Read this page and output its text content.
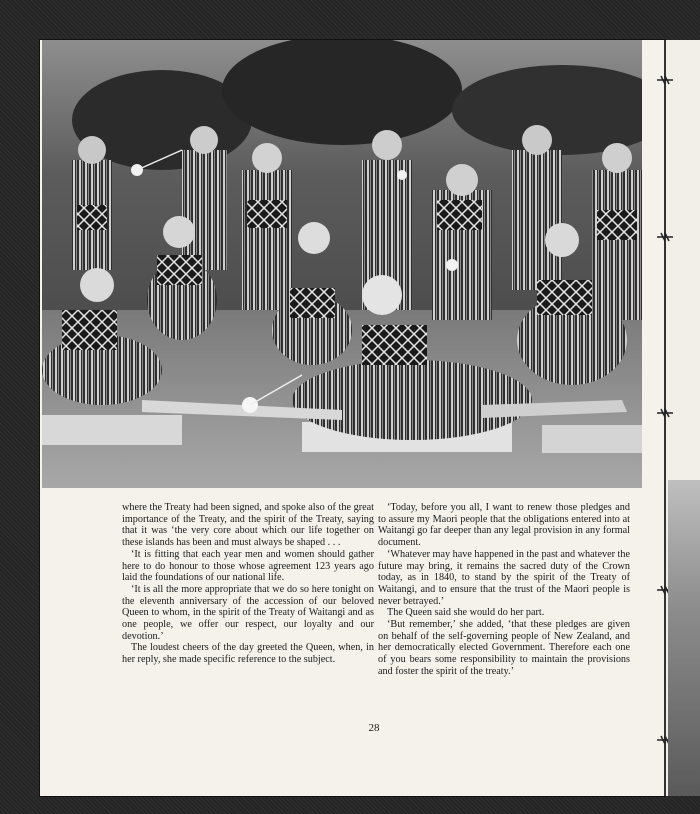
where the Treaty had been signed, and spoke also of the great importance of the Treaty, and the spirit of the Treaty, saying that it was ‘the very core about which our life together on these islands has been and must always be shaped . . .

‘It is fitting that each year men and women should gather here to do honour to those whose agreement 123 years ago laid the foundations of our national life.

‘It is all the more appropriate that we do so here tonight on the eleventh anniversary of the accession of our beloved Queen to whom, in the spirit of the Treaty of Waitangi and as one people, we offer our respect, our loyalty and our devotion.’

The loudest cheers of the day greeted the Queen, when, in her reply, she made specific reference to the subject.

‘Today, before you all, I want to renew those pledges and to assure my Maori people that the obligations entered into at Waitangi go far deeper than any legal provision in any formal document.

‘Whatever may have happened in the past and whatever the future may bring, it remains the sacred duty of the Crown today, as in 1840, to stand by the spirit of the Treaty of Waitangi, and to ensure that the trust of the Maori people is never betrayed.’

The Queen said she would do her part.

‘But remember,’ she added, ‘that these pledges are given on behalf of the self-governing people of New Zealand, and her democratically elected Government. Therefore each one of you bears some responsibility to maintain the provisions and foster the spirit of the treaty.’

28
